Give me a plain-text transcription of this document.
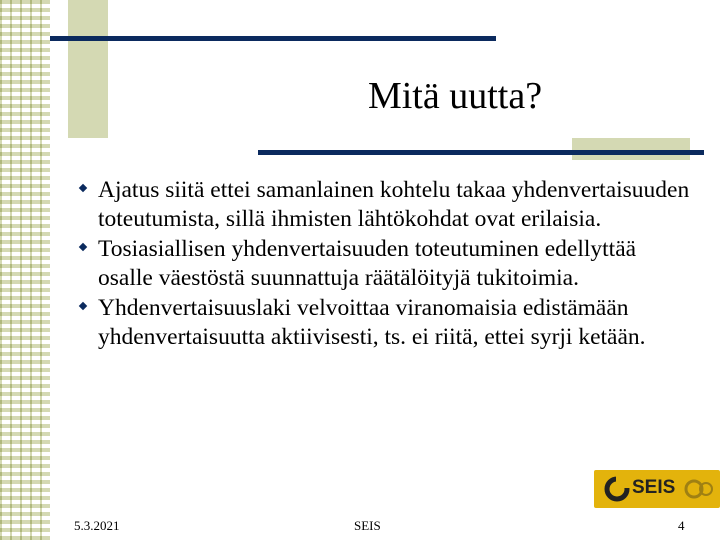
Mitä uutta?
Ajatus siitä ettei samanlainen kohtelu takaa yhdenvertaisuuden toteutumista, sillä ihmisten lähtökohdat ovat erilaisia.
Tosiasiallisen yhdenvertaisuuden toteutuminen edellyttää osalle väestöstä suunnattuja räätälöityjä tukitoimia.
Yhdenvertaisuuslaki velvoittaa viranomaisia edistämään yhdenvertaisuutta aktiivisesti, ts. ei riitä, ettei syrji ketään.
SEIS
5.3.2021	SEIS	4
